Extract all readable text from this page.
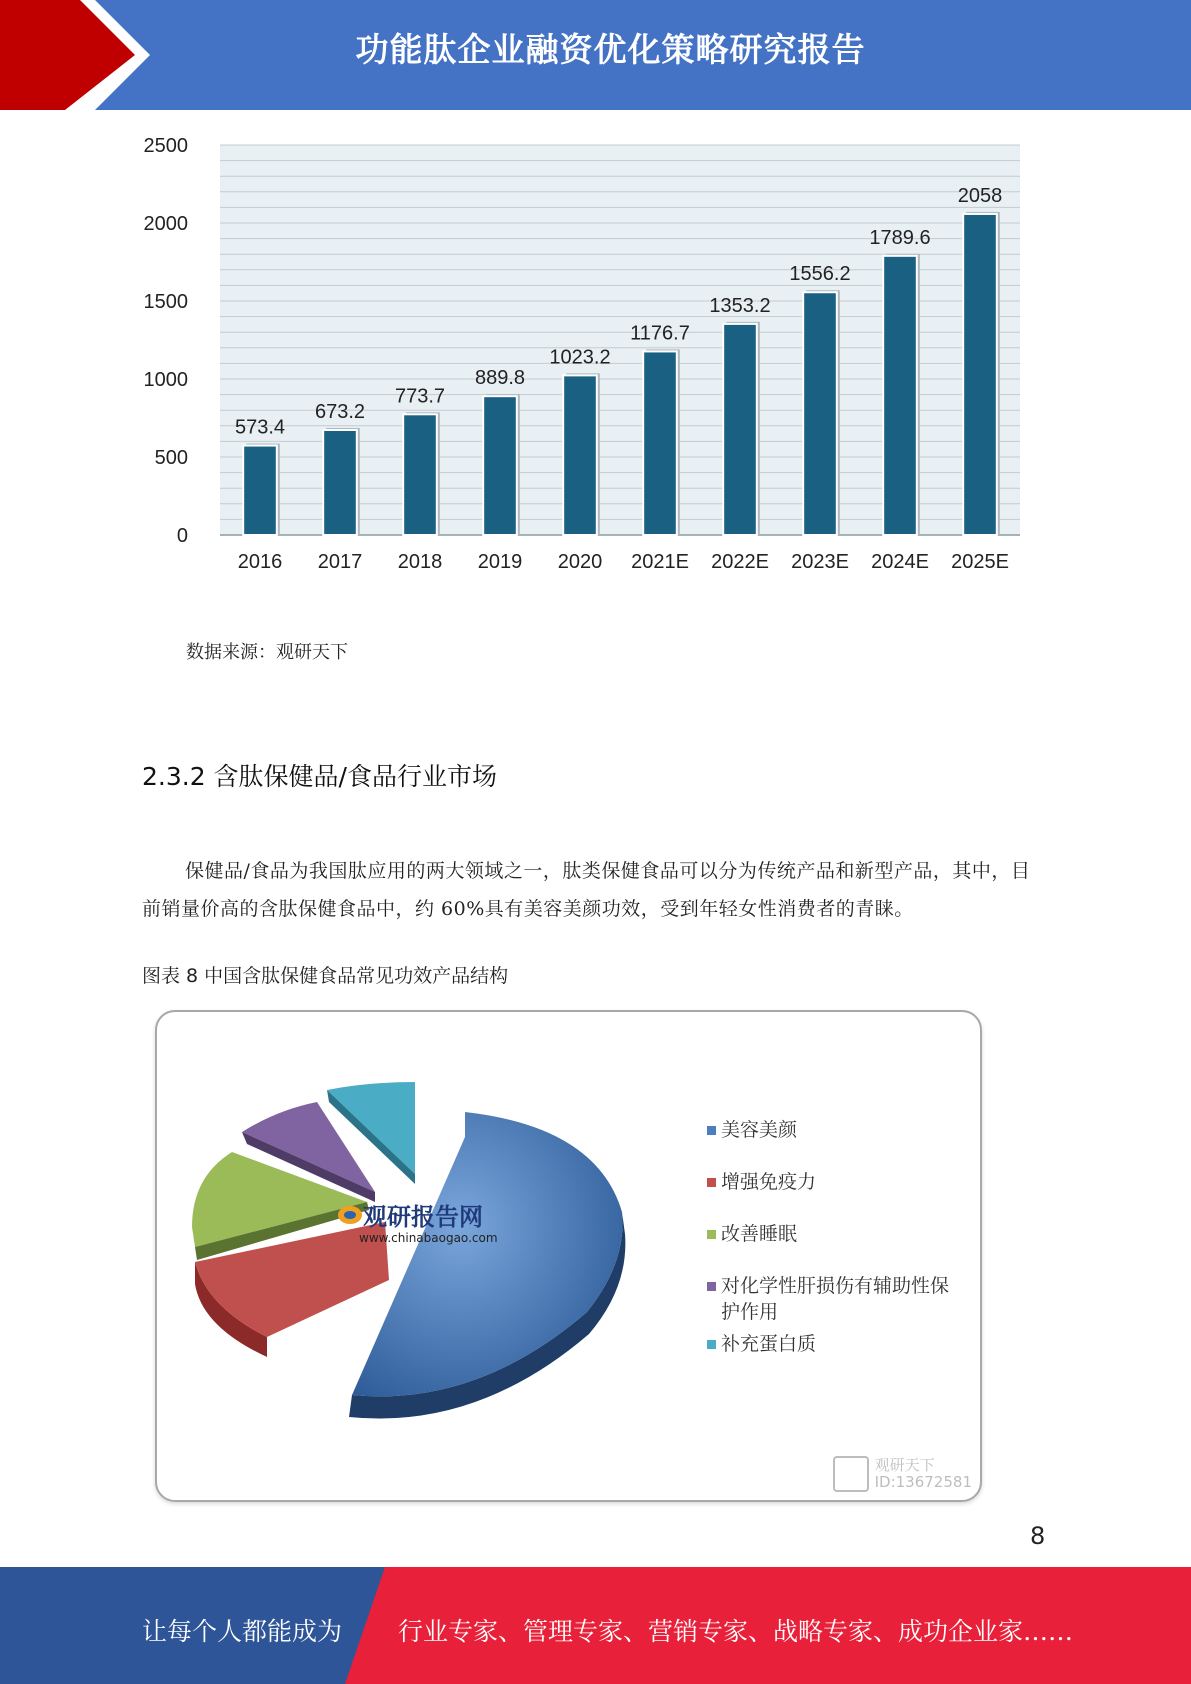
功能肽企业融资优化策略研究报告
0
500
1000
1500
2000
2500
573.4
2016
673.2
2017
773.7
2018
889.8
2019
1023.2
2020
1176.7
2021E
1353.2
2022E
1556.2
2023E
1789.6
2024E
2058
2025E
数据来源：观研天下
2.3.2 含肽保健品/食品行业市场
保健品/食品为我国肽应用的两大领域之一，肽类保健食品可以分为传统产品和新型产品，其中，目前销量价高的含肽保健食品中，约 60%具有美容美颜功效，受到年轻女性消费者的青睐。
图表 8 中国含肽保健食品常见功效产品结构
观研报告网
www.chinabaogao.com
美容美颜
增强免疫力
改善睡眠
对化学性肝损伤有辅助性保护作用
补充蛋白质
观研天下
ID:13672581
8
让每个人都能成为 行业专家、管理专家、营销专家、战略专家、成功企业家……
